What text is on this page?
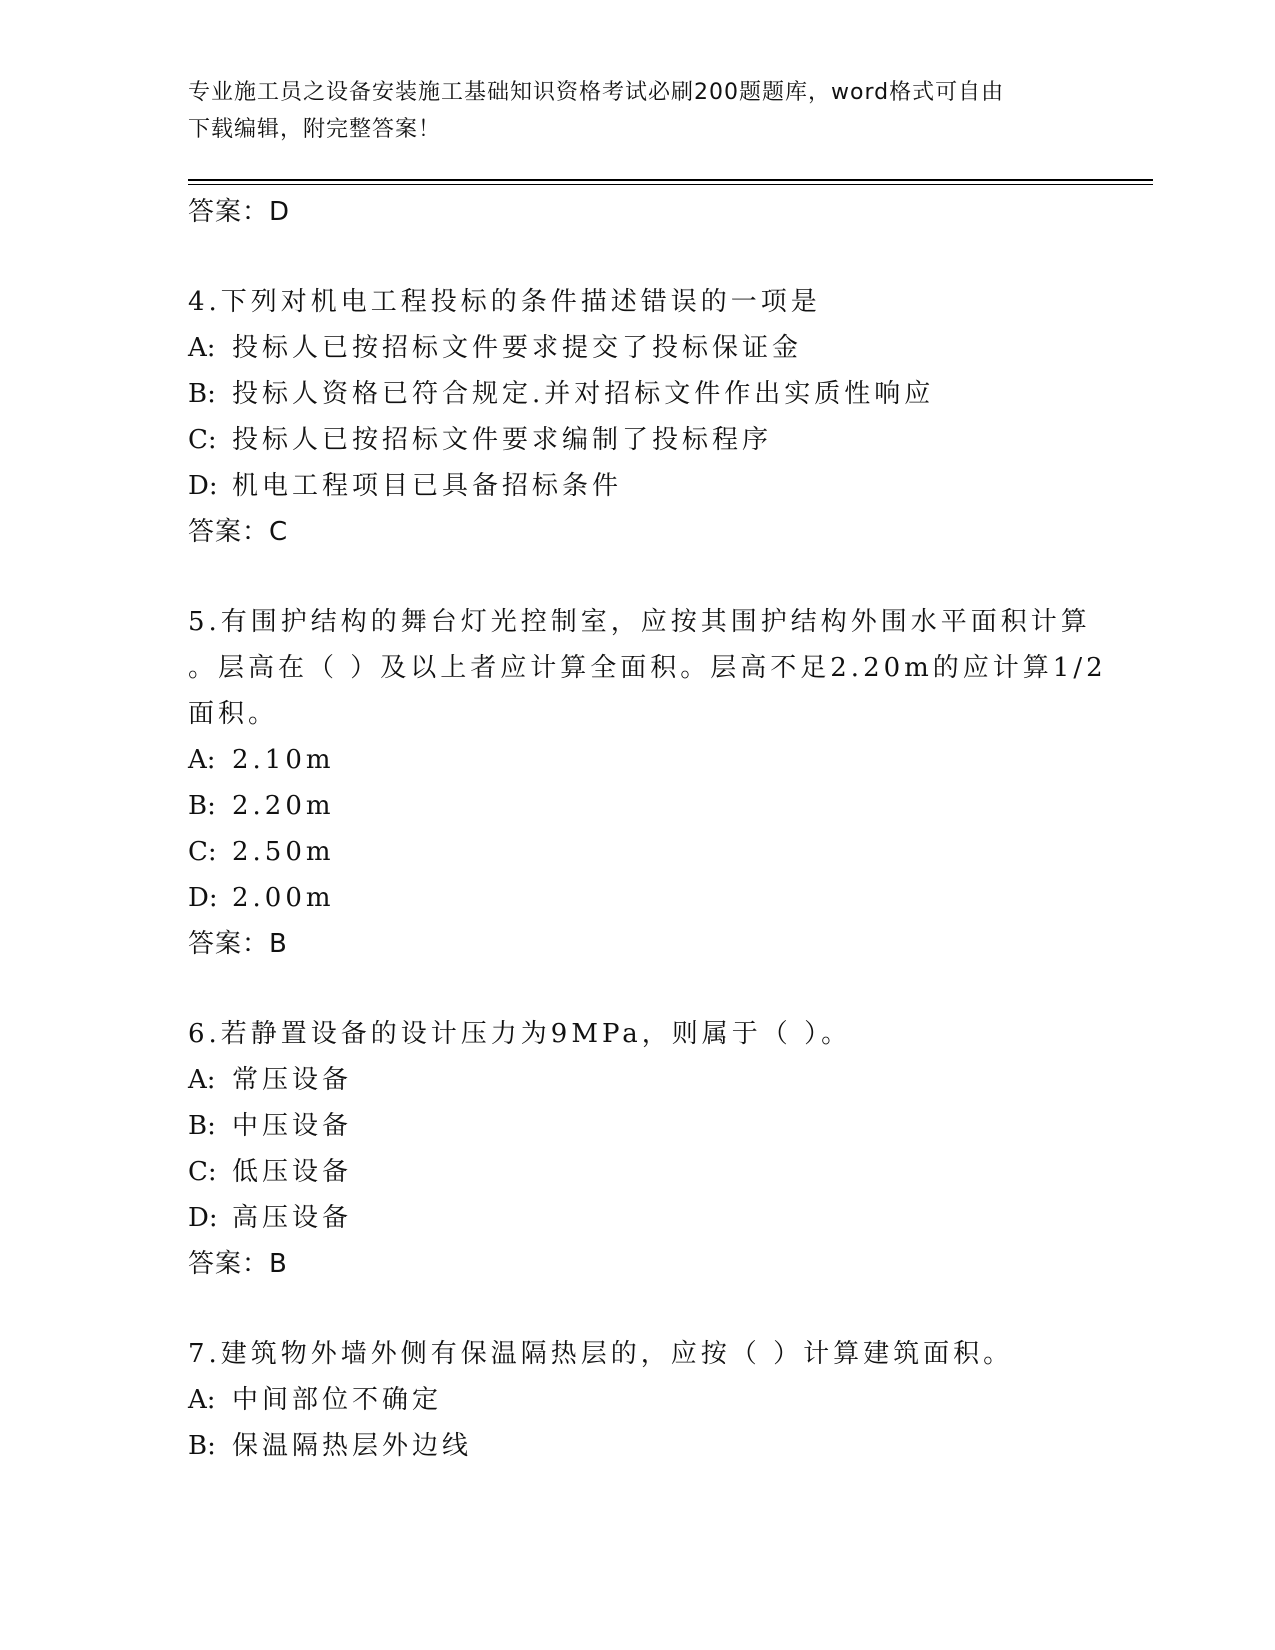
专业施工员之设备安装施工基础知识资格考试必刷200题题库，word格式可自由
下载编辑，附完整答案！
答案：D
4.下列对机电工程投标的条件描述错误的一项是
A: 投标人已按招标文件要求提交了投标保证金
B: 投标人资格已符合规定.并对招标文件作出实质性响应
C: 投标人已按招标文件要求编制了投标程序
D: 机电工程项目已具备招标条件
答案：C
5.有围护结构的舞台灯光控制室，应按其围护结构外围水平面积计算
。层高在（ ）及以上者应计算全面积。层高不足2.20m的应计算1/2
面积。
A: 2.10m
B: 2.20m
C: 2.50m
D: 2.00m
答案：B
6.若静置设备的设计压力为9MPa，则属于（ ）。
A: 常压设备
B: 中压设备
C: 低压设备
D: 高压设备
答案：B
7.建筑物外墙外侧有保温隔热层的，应按（ ）计算建筑面积。
A: 中间部位不确定
B: 保温隔热层外边线
